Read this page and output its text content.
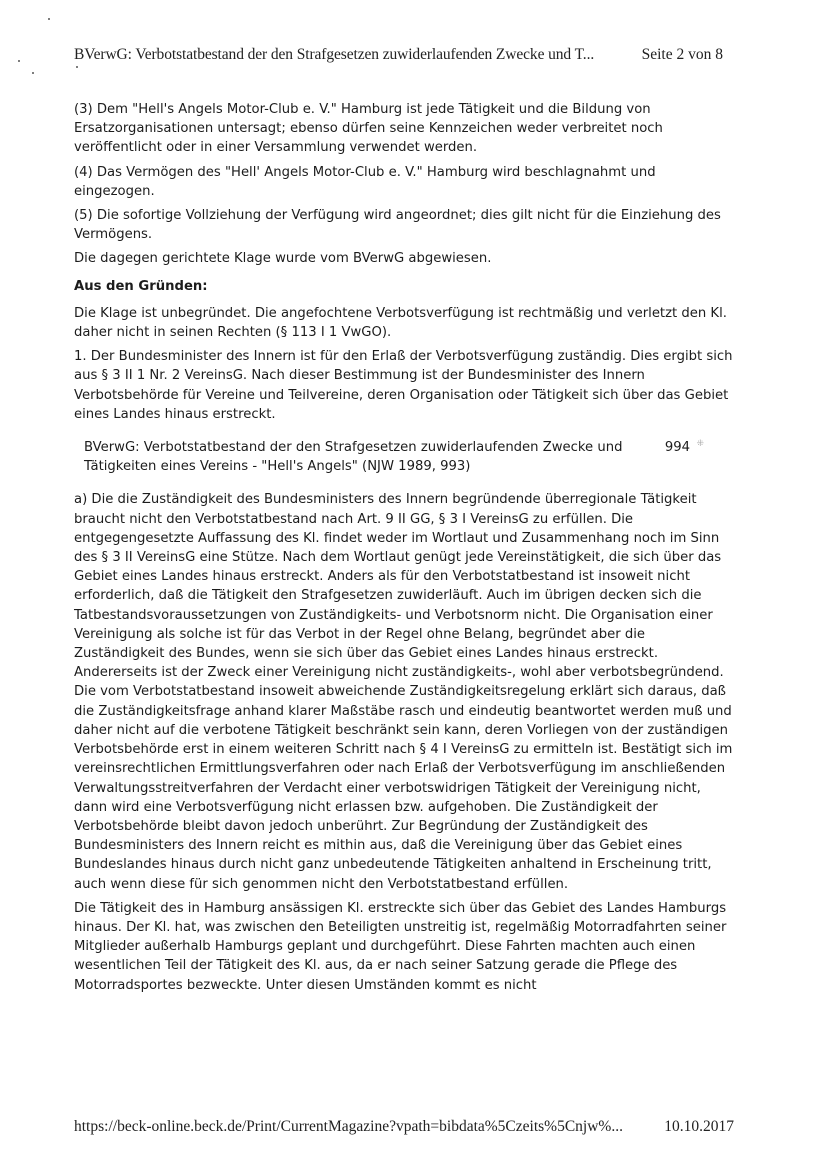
BVerwG: Verbotstatbestand der den Strafgesetzen zuwiderlaufenden Zwecke und T...	Seite 2 von 8

(3) Dem "Hell's Angels Motor-Club e. V." Hamburg ist jede Tätigkeit und die Bildung von Ersatzorganisationen untersagt; ebenso dürfen seine Kennzeichen weder verbreitet noch veröffentlicht oder in einer Versammlung verwendet werden.

(4) Das Vermögen des "Hell' Angels Motor-Club e. V." Hamburg wird beschlagnahmt und eingezogen.

(5) Die sofortige Vollziehung der Verfügung wird angeordnet; dies gilt nicht für die Einziehung des Vermögens.

Die dagegen gerichtete Klage wurde vom BVerwG abgewiesen.

Aus den Gründen:

Die Klage ist unbegründet. Die angefochtene Verbotsverfügung ist rechtmäßig und verletzt den Kl. daher nicht in seinen Rechten (§ 113 I 1 VwGO).

1. Der Bundesminister des Innern ist für den Erlaß der Verbotsverfügung zuständig. Dies ergibt sich aus § 3 II 1 Nr. 2 VereinsG. Nach dieser Bestimmung ist der Bundesminister des Innern Verbotsbehörde für Vereine und Teilvereine, deren Organisation oder Tätigkeit sich über das Gebiet eines Landes hinaus erstreckt.

BVerwG: Verbotstatbestand der den Strafgesetzen zuwiderlaufenden Zwecke und Tätigkeiten eines Vereins - "Hell's Angels" (NJW 1989, 993)
994 ⁜

a) Die die Zuständigkeit des Bundesministers des Innern begründende überregionale Tätigkeit braucht nicht den Verbotstatbestand nach Art. 9 II GG, § 3 I VereinsG zu erfüllen. Die entgegengesetzte Auffassung des Kl. findet weder im Wortlaut und Zusammenhang noch im Sinn des § 3 II VereinsG eine Stütze. Nach dem Wortlaut genügt jede Vereinstätigkeit, die sich über das Gebiet eines Landes hinaus erstreckt. Anders als für den Verbotstatbestand ist insoweit nicht erforderlich, daß die Tätigkeit den Strafgesetzen zuwiderläuft. Auch im übrigen decken sich die Tatbestandsvoraussetzungen von Zuständigkeits- und Verbotsnorm nicht. Die Organisation einer Vereinigung als solche ist für das Verbot in der Regel ohne Belang, begründet aber die Zuständigkeit des Bundes, wenn sie sich über das Gebiet eines Landes hinaus erstreckt. Andererseits ist der Zweck einer Vereinigung nicht zuständigkeits-, wohl aber verbotsbegründend. Die vom Verbotstatbestand insoweit abweichende Zuständigkeitsregelung erklärt sich daraus, daß die Zuständigkeitsfrage anhand klarer Maßstäbe rasch und eindeutig beantwortet werden muß und daher nicht auf die verbotene Tätigkeit beschränkt sein kann, deren Vorliegen von der zuständigen Verbotsbehörde erst in einem weiteren Schritt nach § 4 I VereinsG zu ermitteln ist. Bestätigt sich im vereinsrechtlichen Ermittlungsverfahren oder nach Erlaß der Verbotsverfügung im anschließenden Verwaltungsstreitverfahren der Verdacht einer verbotswidrigen Tätigkeit der Vereinigung nicht, dann wird eine Verbotsverfügung nicht erlassen bzw. aufgehoben. Die Zuständigkeit der Verbotsbehörde bleibt davon jedoch unberührt. Zur Begründung der Zuständigkeit des Bundesministers des Innern reicht es mithin aus, daß die Vereinigung über das Gebiet eines Bundeslandes hinaus durch nicht ganz unbedeutende Tätigkeiten anhaltend in Erscheinung tritt, auch wenn diese für sich genommen nicht den Verbotstatbestand erfüllen.

Die Tätigkeit des in Hamburg ansässigen Kl. erstreckte sich über das Gebiet des Landes Hamburgs hinaus. Der Kl. hat, was zwischen den Beteiligten unstreitig ist, regelmäßig Motorradfahrten seiner Mitglieder außerhalb Hamburgs geplant und durchgeführt. Diese Fahrten machten auch einen wesentlichen Teil der Tätigkeit des Kl. aus, da er nach seiner Satzung gerade die Pflege des Motorradsportes bezweckte. Unter diesen Umständen kommt es nicht

https://beck-online.beck.de/Print/CurrentMagazine?vpath=bibdata%5Czeits%5Cnjw%...	10.10.2017
